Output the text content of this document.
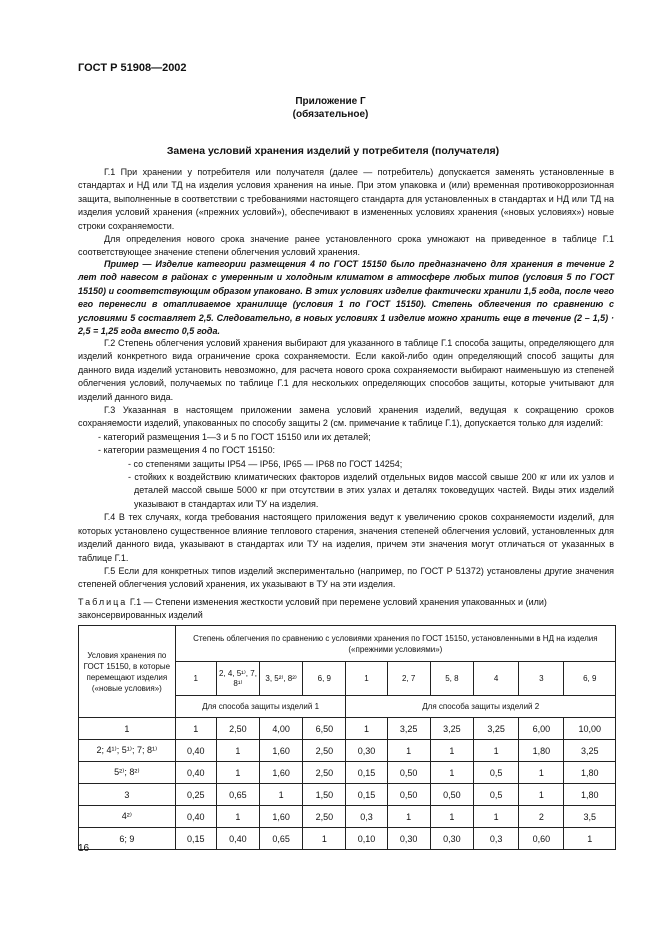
ГОСТ Р 51908—2002
Приложение Г
(обязательное)
Замена условий хранения изделий у потребителя (получателя)

Г.1 При хранении у потребителя или получателя (далее — потребитель) допускается заменять установленные в стандартах и НД или ТД на изделия условия хранения на иные. При этом упаковка и (или) временная противокоррозионная защита, выполненные в соответствии с требованиями настоящего стандарта для установленных в стандартах и НД или ТД на изделия условий хранения («прежних условий»), обеспечивают в измененных условиях хранения («новых условиях») новые строки сохраняемости.

Для определения нового срока значение ранее установленного срока умножают на приведенное в таблице Г.1 соответствующее значение степени облегчения условий хранения.

Пример — Изделие категории размещения 4 по ГОСТ 15150 было предназначено для хранения в течение 2 лет под навесом в районах с умеренным и холодным климатом в атмосфере любых типов (условия 5 по ГОСТ 15150) и соответствующим образом упаковано. В этих условиях изделие фактически хранили 1,5 года, после чего его перенесли в отапливаемое хранилище (условия 1 по ГОСТ 15150). Степень облегчения по сравнению с условиями 5 составляет 2,5. Следовательно, в новых условиях 1 изделие можно хранить еще в течение (2 – 1,5) · 2,5 = 1,25 года вместо 0,5 года.

Г.2 Степень облегчения условий хранения выбирают для указанного в таблице Г.1 способа защиты, определяющего для изделий конкретного вида ограничение срока сохраняемости. Если какой-либо один определяющий способ защиты для данного вида изделий установить невозможно, для расчета нового срока сохраняемости выбирают наименьшую из степеней облегчения условий, получаемых по таблице Г.1 для нескольких определяющих способов защиты, которые учитывают для изделий данного вида.

Г.3 Указанная в настоящем приложении замена условий хранения изделий, ведущая к сокращению сроков сохраняемости изделий, упакованных по способу защиты 2 (см. примечание к таблице Г.1), допускается только для изделий:

- категорий размещения 1—3 и 5 по ГОСТ 15150 или их деталей;

- категории размещения 4 по ГОСТ 15150:

- со степенями защиты IP54 — IP56, IP65 — IP68 по ГОСТ 14254;

- стойких к воздействию климатических факторов изделий отдельных видов массой свыше 200 кг или их узлов и деталей массой свыше 5000 кг при отсутствии в этих узлах и деталях токоведущих частей. Виды этих изделий указывают в стандартах или ТУ на изделия.

Г.4 В тех случаях, когда требования настоящего приложения ведут к увеличению сроков сохраняемости изделий, для которых установлено существенное влияние теплового старения, значения степеней облегчения условий, установленных для изделий данного вида, указывают в стандартах или ТУ на изделия, причем эти значения могут отличаться от указанных в таблице Г.1.

Г.5 Если для конкретных типов изделий экспериментально (например, по ГОСТ Р 51372) установлены другие значения степеней облегчения условий хранения, их указывают в ТУ на эти изделия.

Таблица Г.1 — Степени изменения жесткости условий при перемене условий хранения упакованных и (или) законсервированных изделий
Условия хранения по ГОСТ 15150, в которые перемещают изделия («новые условия»)	Степень облегчения по сравнению с условиями хранения по ГОСТ 15150, установленными в НД на изделия («прежними условиями»)									
	1	2, 4, 5¹⁾, 7, 8¹⁾	3, 5²⁾, 8²⁾	6, 9	1	2, 7	5, 8	4	3	6, 9
	Для способа защиты изделий 1				Для способа защиты изделий 2					
1	1	2,50	4,00	6,50	1	3,25	3,25	3,25	6,00	10,00
2; 4¹⁾; 5¹⁾; 7; 8¹⁾	0,40	1	1,60	2,50	0,30	1	1	1	1,80	3,25
5²⁾; 8²⁾	0,40	1	1,60	2,50	0,15	0,50	1	0,5	1	1,80
3	0,25	0,65	1	1,50	0,15	0,50	0,50	0,5	1	1,80
4²⁾	0,40	1	1,60	2,50	0,3	1	1	1	2	3,5
6; 9	0,15	0,40	0,65	1	0,10	0,30	0,30	0,3	0,60	1
16
